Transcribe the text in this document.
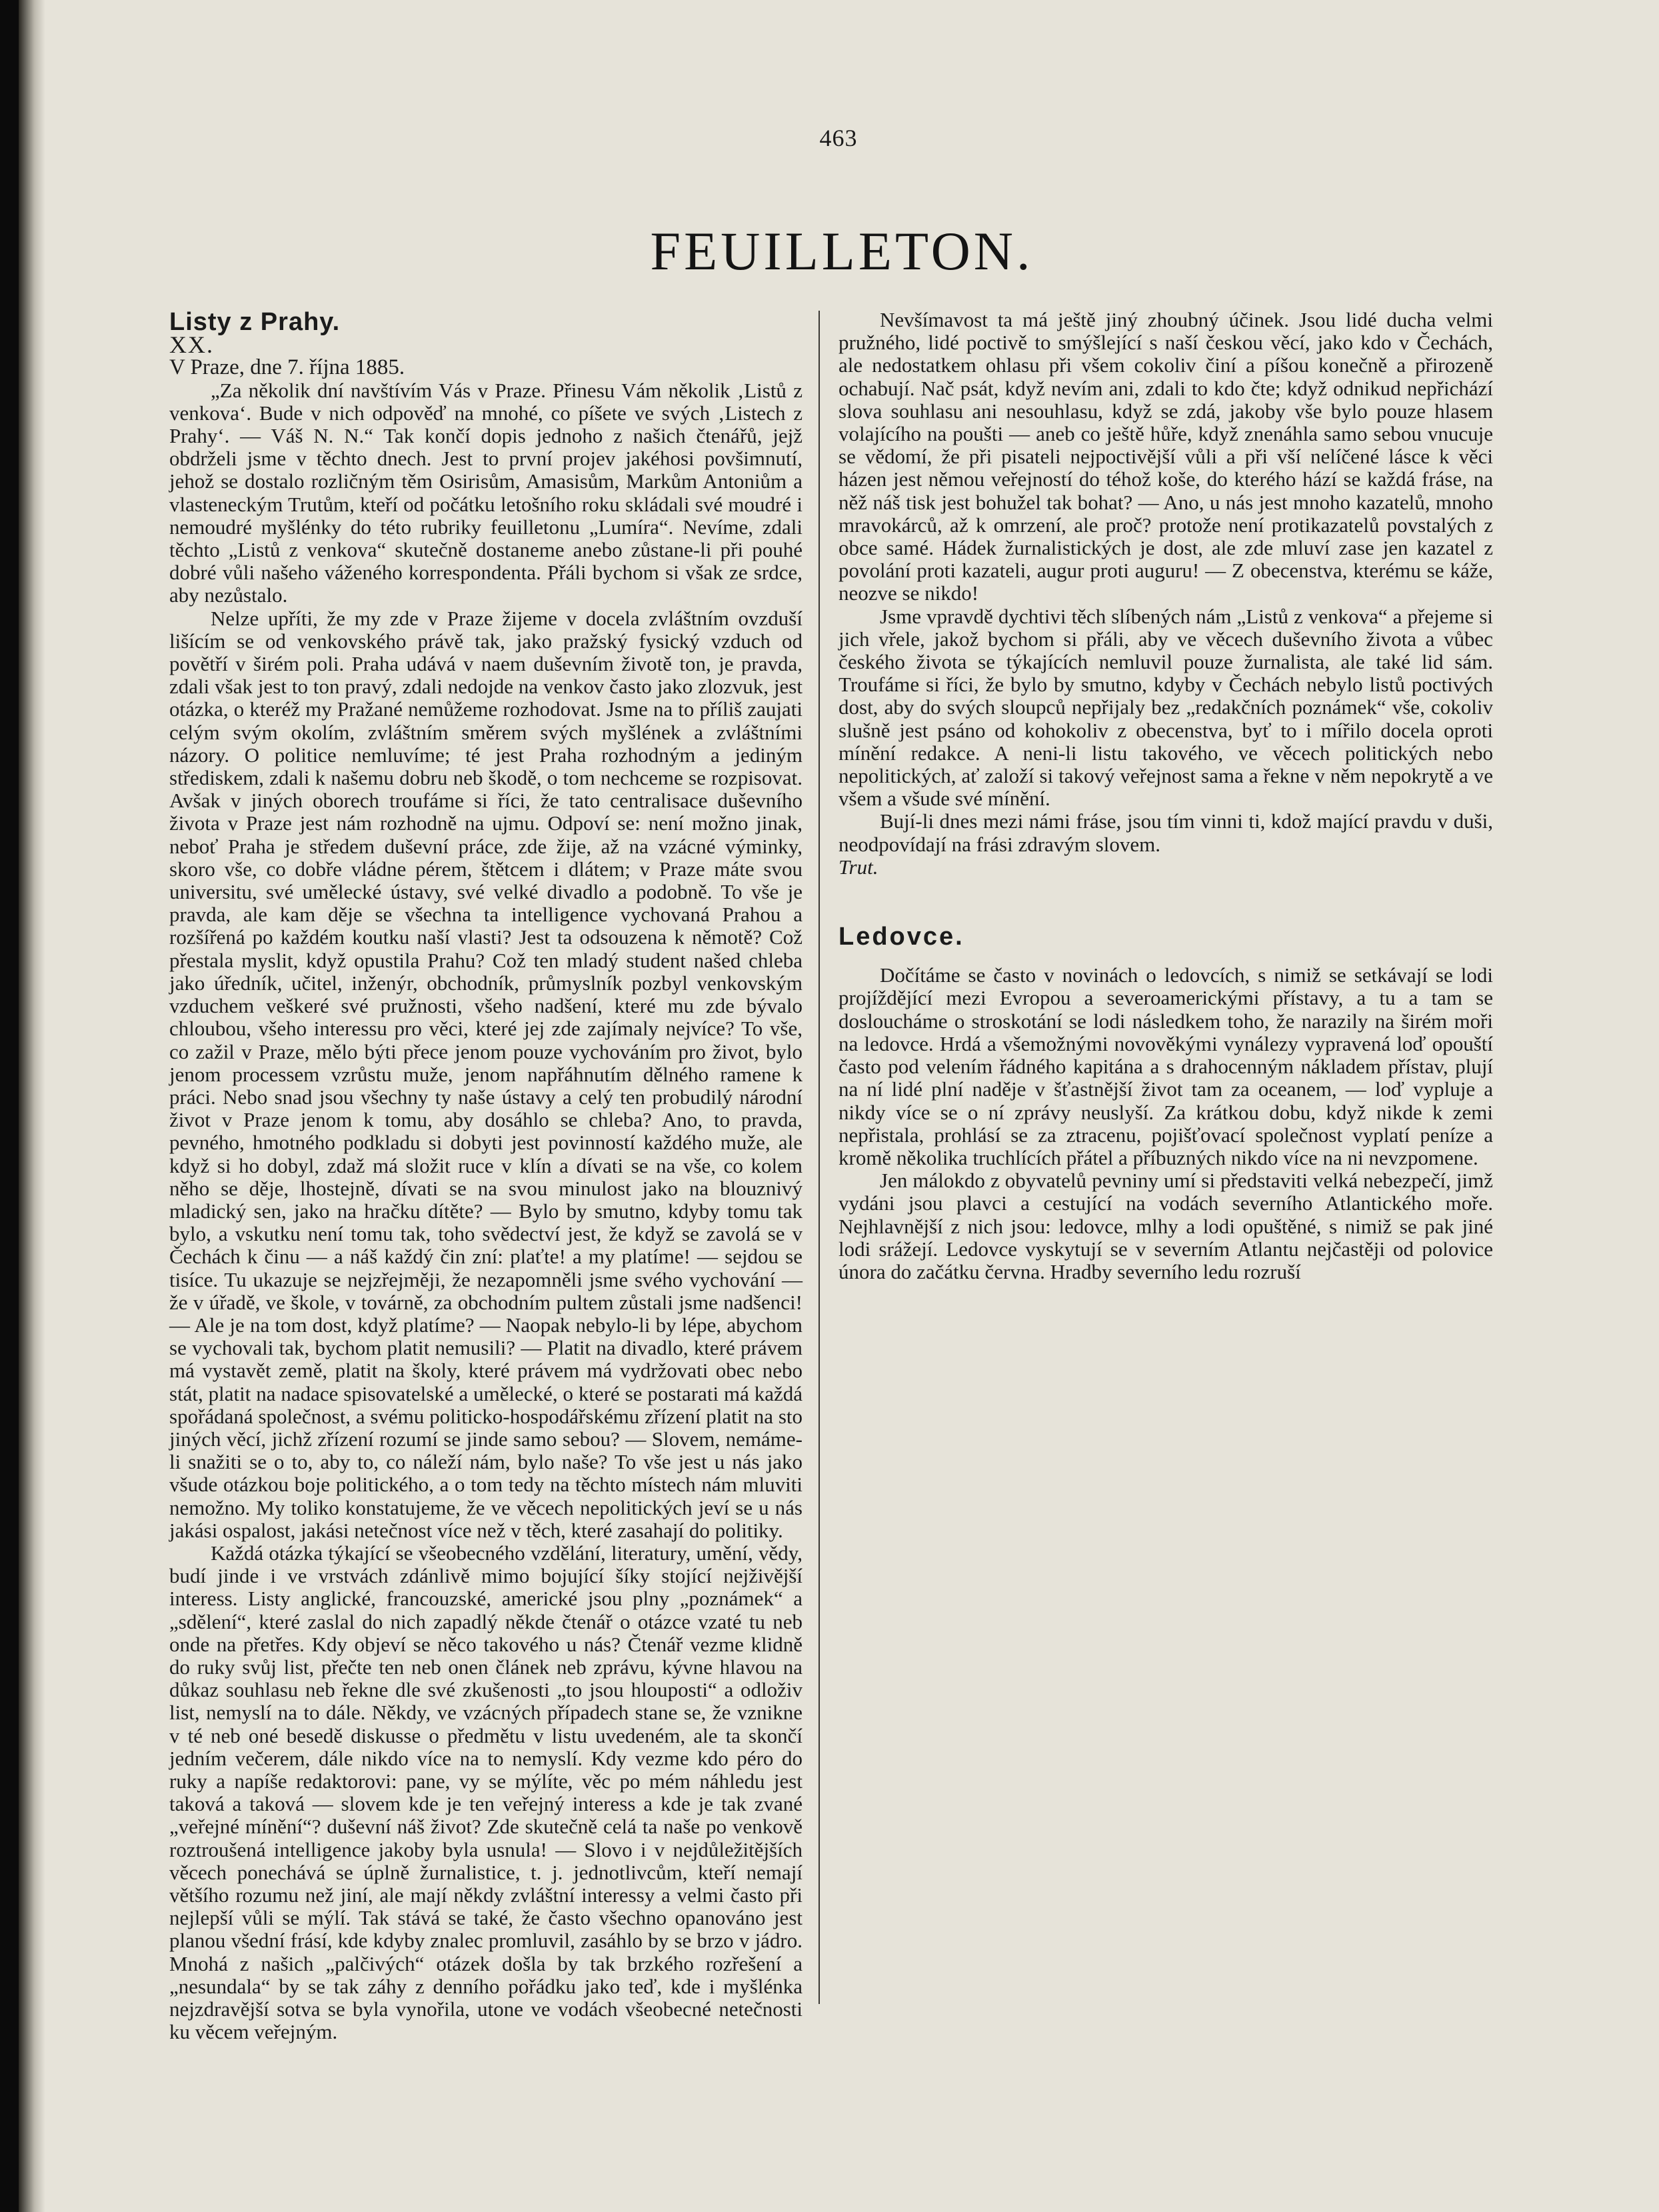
463
FEUILLETON.

Listy z Prahy.

XX.

V Praze, dne 7. října 1885.

„Za několik dní navštívím Vás v Praze. Přinesu Vám několik ‚Listů z venkova‘. Bude v nich odpověď na mnohé, co píšete ve svých ‚Listech z Prahy‘. — Váš N. N.“ Tak končí dopis jednoho z našich čtenářů, jejž obdrželi jsme v těchto dnech. Jest to první projev jakéhosi povšimnutí, jehož se dostalo rozličným těm Osirisům, Amasisům, Markům Antoniům a vlasteneckým Trutům, kteří od počátku letošního roku skládali své moudré i nemoudré myšlénky do této rubriky feuilletonu „Lumíra“. Nevíme, zdali těchto „Listů z venkova“ skutečně dostaneme anebo zůstane-li při pouhé dobré vůli našeho váženého korrespondenta. Přáli bychom si však ze srdce, aby nezůstalo.

Nelze upříti, že my zde v Praze žijeme v docela zvláštním ovzduší lišícím se od venkovského právě tak, jako pražský fysický vzduch od povětří v širém poli. Praha udává v naem duševním životě ton, je pravda, zdali však jest to ton pravý, zdali nedojde na venkov často jako zlozvuk, jest otázka, o kteréž my Pražané nemůžeme rozhodovat. Jsme na to příliš zaujati celým svým okolím, zvláštním směrem svých myšlének a zvláštními názory. O politice nemluvíme; té jest Praha rozhodným a jediným střediskem, zdali k našemu dobru neb škodě, o tom nechceme se rozpisovat. Avšak v jiných oborech troufáme si říci, že tato centralisace duševního života v Praze jest nám rozhodně na ujmu. Odpoví se: není možno jinak, neboť Praha je středem duševní práce, zde žije, až na vzácné výminky, skoro vše, co dobře vládne pérem, štětcem i dlátem; v Praze máte svou universitu, své umělecké ústavy, své velké divadlo a podobně. To vše je pravda, ale kam děje se všechna ta intelligence vychovaná Prahou a rozšířená po každém koutku naší vlasti? Jest ta odsouzena k němotě? Což přestala myslit, když opustila Prahu? Což ten mladý student našed chleba jako úředník, učitel, inženýr, obchodník, průmyslník pozbyl venkovským vzduchem veškeré své pružnosti, všeho nadšení, které mu zde bývalo chloubou, všeho interessu pro věci, které jej zde zajímaly nejvíce? To vše, co zažil v Praze, mělo býti přece jenom pouze vychováním pro život, bylo jenom processem vzrůstu muže, jenom napřáhnutím dělného ramene k práci. Nebo snad jsou všechny ty naše ústavy a celý ten probudilý národní život v Praze jenom k tomu, aby dosáhlo se chleba? Ano, to pravda, pevného, hmotného podkladu si dobyti jest povinností každého muže, ale když si ho dobyl, zdaž má složit ruce v klín a dívati se na vše, co kolem něho se děje, lhostejně, dívati se na svou minulost jako na blouznivý mladický sen, jako na hračku dítěte? — Bylo by smutno, kdyby tomu tak bylo, a vskutku není tomu tak, toho svědectví jest, že když se zavolá se v Čechách k činu — a náš každý čin zní: plaťte! a my platíme! — sejdou se tisíce. Tu ukazuje se nejzřejměji, že nezapomněli jsme svého vychování — že v úřadě, ve škole, v továrně, za obchodním pultem zůstali jsme nadšenci! — Ale je na tom dost, když platíme? — Naopak nebylo-li by lépe, abychom se vychovali tak, bychom platit nemusili? — Platit na divadlo, které právem má vystavět země, platit na školy, které právem má vydržovati obec nebo stát, platit na nadace spisovatelské a umělecké, o které se postarati má každá spořádaná společnost, a svému politicko-hospodářskému zřízení platit na sto jiných věcí, jichž zřízení rozumí se jinde samo sebou? — Slovem, nemáme-li snažiti se o to, aby to, co náleží nám, bylo naše? To vše jest u nás jako všude otázkou boje politického, a o tom tedy na těchto místech nám mluviti nemožno. My toliko konstatujeme, že ve věcech nepolitických jeví se u nás jakási ospalost, jakási netečnost více než v těch, které zasahají do politiky.

Každá otázka týkající se všeobecného vzdělání, literatury, umění, vědy, budí jinde i ve vrstvách zdánlivě mimo bojující šíky stojící nejživější interess. Listy anglické, francouzské, americké jsou plny „poznámek“ a „sdělení“, které zaslal do nich zapadlý někde čtenář o otázce vzaté tu neb onde na přetřes. Kdy objeví se něco takového u nás? Čtenář vezme klidně do ruky svůj list, přečte ten neb onen článek neb zprávu, kývne hlavou na důkaz souhlasu neb řekne dle své zkušenosti „to jsou hlouposti“ a odloživ list, nemyslí na to dále. Někdy, ve vzácných případech stane se, že vznikne v té neb oné besedě diskusse o předmětu v listu uvedeném, ale ta skončí jedním večerem, dále nikdo více na to nemyslí. Kdy vezme kdo péro do ruky a napíše redaktorovi: pane, vy se mýlíte, věc po mém náhledu jest taková a taková — slovem kde je ten veřejný interess a kde je tak zvané „veřejné mínění“? duševní náš život? Zde skutečně celá ta naše po venkově roztroušená intelligence jakoby byla usnula! — Slovo i v nejdůležitějších věcech ponechává se úplně žurnalistice, t. j. jednotlivcům, kteří nemají většího rozumu než jiní, ale mají někdy zvláštní interessy a velmi často při nejlepší vůli se mýlí. Tak stává se také, že často všechno opanováno jest planou všední frásí, kde kdyby znalec promluvil, zasáhlo by se brzo v jádro. Mnohá z našich „palčivých“ otázek došla by tak brzkého rozřešení a „nesundala“ by se tak záhy z denního pořádku jako teď, kde i myšlénka nejzdravější sotva se byla vynořila, utone ve vodách všeobecné netečnosti ku věcem veřejným.

Nevšímavost ta má ještě jiný zhoubný účinek. Jsou lidé ducha velmi pružného, lidé poctivě to smýšlející s naší českou věcí, jako kdo v Čechách, ale nedostatkem ohlasu při všem cokoliv činí a píšou konečně a přirozeně ochabují. Nač psát, když nevím ani, zdali to kdo čte; když odnikud nepřichází slova souhlasu ani nesouhlasu, když se zdá, jakoby vše bylo pouze hlasem volajícího na poušti — aneb co ještě hůře, když znenáhla samo sebou vnucuje se vědomí, že při pisateli nejpoctivější vůli a při vší nelíčené lásce k věci házen jest němou veřejností do téhož koše, do kterého hází se každá fráse, na něž náš tisk jest bohužel tak bohat? — Ano, u nás jest mnoho kazatelů, mnoho mravokárců, až k omrzení, ale proč? protože není protikazatelů povstalých z obce samé. Hádek žurnalistických je dost, ale zde mluví zase jen kazatel z povolání proti kazateli, augur proti auguru! — Z obecenstva, kterému se káže, neozve se nikdo!

Jsme vpravdě dychtivi těch slíbených nám „Listů z venkova“ a přejeme si jich vřele, jakož bychom si přáli, aby ve věcech duševního života a vůbec českého života se týkajících nemluvil pouze žurnalista, ale také lid sám. Troufáme si říci, že bylo by smutno, kdyby v Čechách nebylo listů poctivých dost, aby do svých sloupců nepřijaly bez „redakčních poznámek“ vše, cokoliv slušně jest psáno od kohokoliv z obecenstva, byť to i mířilo docela oproti mínění redakce. A neni-li listu takového, ve věcech politických nebo nepolitických, ať založí si takový veřejnost sama a řekne v něm nepokrytě a ve všem a všude své mínění.

Bují-li dnes mezi námi fráse, jsou tím vinni ti, kdož mající pravdu v duši, neodpovídají na frási zdravým slovem.

Trut.

Ledovce.

Dočítáme se často v novinách o ledovcích, s nimiž se setkávají se lodi projíždějící mezi Evropou a severoamerickými přístavy, a tu a tam se dosloucháme o stroskotání se lodi následkem toho, že narazily na širém moři na ledovce. Hrdá a všemožnými novověkými vynálezy vypravená loď opouští často pod velením řádného kapitána a s drahocenným nákladem přístav, plují na ní lidé plní naděje v šťastnější život tam za oceanem, — loď vypluje a nikdy více se o ní zprávy neuslyší. Za krátkou dobu, když nikde k zemi nepřistala, prohlásí se za ztracenu, pojišťovací společnost vyplatí peníze a kromě několika truchlících přátel a příbuzných nikdo více na ni nevzpomene.

Jen málokdo z obyvatelů pevniny umí si představiti velká nebezpečí, jimž vydáni jsou plavci a cestující na vodách severního Atlantického moře. Nejhlavnější z nich jsou: ledovce, mlhy a lodi opuštěné, s nimiž se pak jiné lodi srážejí. Ledovce vyskytují se v severním Atlantu nejčastěji od polovice února do začátku června. Hradby severního ledu rozruší
